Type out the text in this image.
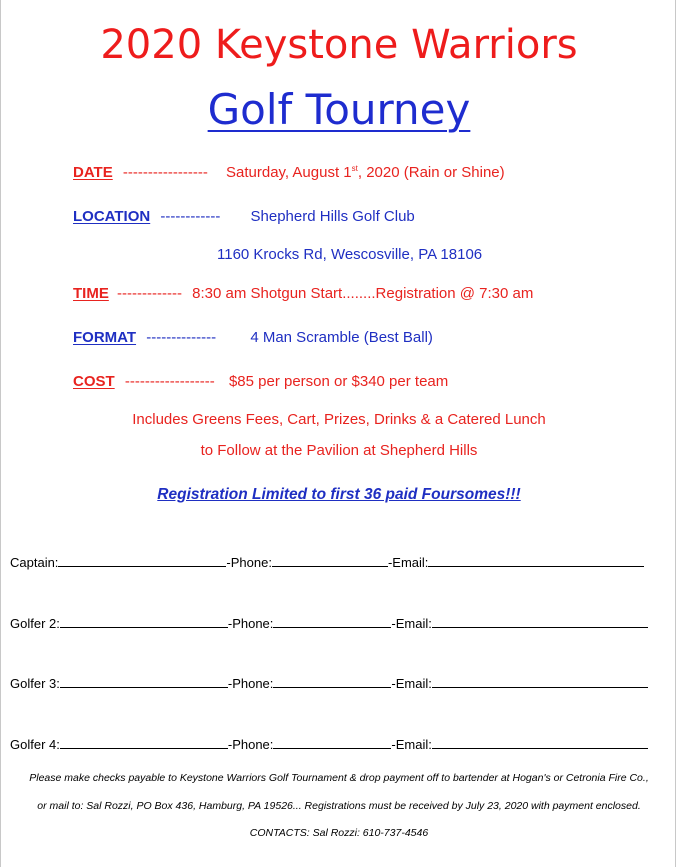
2020 Keystone Warriors
Golf Tourney
DATE ----------------- Saturday, August 1st, 2020 (Rain or Shine)
LOCATION ------------ Shepherd Hills Golf Club
1160 Krocks Rd, Wescosville, PA 18106
TIME ------------- 8:30 am Shotgun Start........Registration @ 7:30 am
FORMAT -------------- 4 Man Scramble (Best Ball)
COST ------------------ $85 per person or $340 per team
Includes Greens Fees, Cart, Prizes, Drinks & a Catered Lunch
to Follow at the Pavilion at Shepherd Hills
Registration Limited to first 36 paid Foursomes!!!
Captain:	-Phone:	-Email:
Golfer 2:	-Phone:	-Email:
Golfer 3:	-Phone:	-Email:
Golfer 4:	-Phone:	-Email:
Please make checks payable to Keystone Warriors Golf Tournament & drop payment off to bartender at Hogan's or Cetronia Fire Co.,
or mail to: Sal Rozzi, PO Box 436, Hamburg, PA 19526... Registrations must be received by July 23, 2020 with payment enclosed.
CONTACTS: Sal Rozzi: 610-737-4546
